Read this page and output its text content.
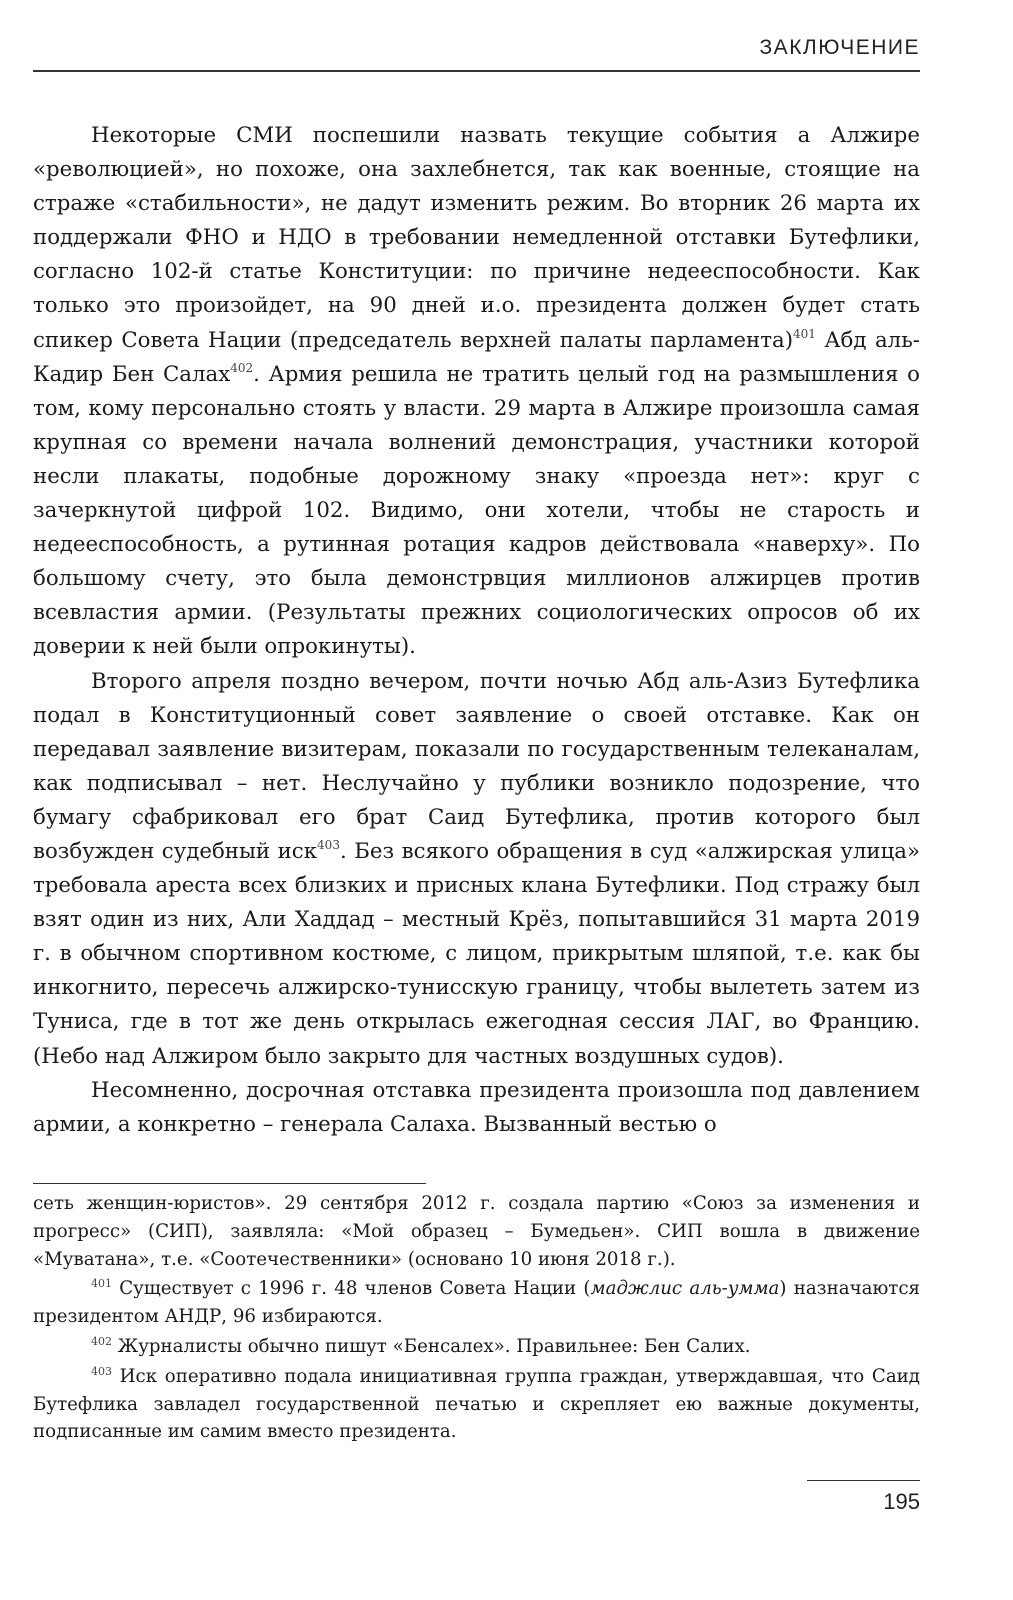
ЗАКЛЮЧЕНИЕ

Некоторые СМИ поспешили назвать текущие события а Алжире «революцией», но похоже, она захлебнется, так как военные, стоящие на страже «стабильности», не дадут изменить режим. Во вторник 26 марта их поддержали ФНО и НДО в требовании немедленной отставки Бутефлики, согласно 102-й статье Конституции: по причине недееспособности. Как только это произойдет, на 90 дней и.о. президента должен будет стать спикер Совета Нации (председатель верхней палаты парламента)$^{401}$ Абд аль-Кадир Бен Салах$^{402}$. Армия решила не тратить целый год на размышления о том, кому персонально стоять у власти. 29 марта в Алжире произошла самая крупная со времени начала волнений демонстрация, участники которой несли плакаты, подобные дорожному знаку «проезда нет»: круг с зачеркнутой цифрой 102. Видимо, они хотели, чтобы не старость и недееспособность, а рутинная ротация кадров действовала «наверху». По большому счету, это была демонстрвция миллионов алжирцев против всевластия армии. (Результаты прежних социологических опросов об их доверии к ней были опрокинуты).

Второго апреля поздно вечером, почти ночью Абд аль-Азиз Бутефлика подал в Конституционный совет заявление о своей отставке. Как он передавал заявление визитерам, показали по государственным телеканалам, как подписывал – нет. Неслучайно у публики возникло подозрение, что бумагу сфабриковал его брат Саид Бутефлика, против которого был возбужден судебный иск$^{403}$. Без всякого обращения в суд «алжирская улица» требовала ареста всех близких и присных клана Бутефлики. Под стражу был взят один из них, Али Хаддад – местный Крёз, попытавшийся 31 марта 2019 г. в обычном спортивном костюме, с лицом, прикрытым шляпой, т.е. как бы инкогнито, пересечь алжирско-тунисскую границу, чтобы вылететь затем из Туниса, где в тот же день открылась ежегодная сессия ЛАГ, во Францию. (Небо над Алжиром было закрыто для частных воздушных судов).

Несомненно, досрочная отставка президента произошла под давлением армии, а конкретно – генерала Салаха. Вызванный вестью о

сеть женщин-юристов». 29 сентября 2012 г. создала партию «Союз за изменения и прогресс» (СИП), заявляла: «Мой образец – Бумедьен». СИП вошла в движение «Муватана», т.е. «Соотечественники» (основано 10 июня 2018 г.).

$^{401}$ Существует с 1996 г. 48 членов Совета Нации (маджлис аль-умма) назначаются президентом АНДР, 96 избираются.

$^{402}$ Журналисты обычно пишут «Бенсалех». Правильнее: Бен Салих.

$^{403}$ Иск оперативно подала инициативная группа граждан, утверждавшая, что Саид Бутефлика завладел государственной печатью и скрепляет ею важные документы, подписанные им самим вместо президента.

195
